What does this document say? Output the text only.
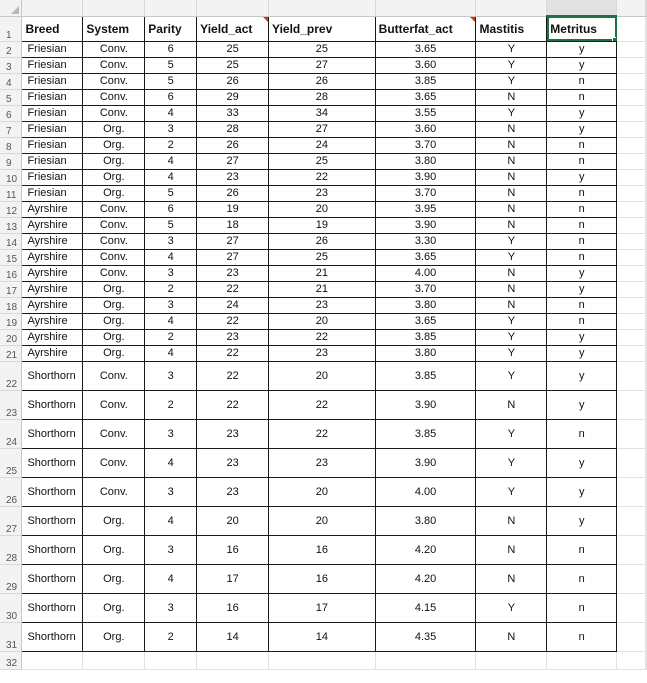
1	Breed	System	Parity	Yield_act	Yield_prev	Butterfat_act	Mastitis	Metritus

2	Friesian	Conv.	6	25	25	3.65	Y	y		
3	Friesian	Conv.	5	25	27	3.60	Y	y		
4	Friesian	Conv.	5	26	26	3.85	Y	n		
5	Friesian	Conv.	6	29	28	3.65	N	n		
6	Friesian	Conv.	4	33	34	3.55	Y	y		
7	Friesian	Org.	3	28	27	3.60	N	y		
8	Friesian	Org.	2	26	24	3.70	N	n		
9	Friesian	Org.	4	27	25	3.80	N	n		
10	Friesian	Org.	4	23	22	3.90	N	y		
11	Friesian	Org.	5	26	23	3.70	N	n		
12	Ayrshire	Conv.	6	19	20	3.95	N	n		
13	Ayrshire	Conv.	5	18	19	3.90	N	n		
14	Ayrshire	Conv.	3	27	26	3.30	Y	n		
15	Ayrshire	Conv.	4	27	25	3.65	Y	n		
16	Ayrshire	Conv.	3	23	21	4.00	N	y		
17	Ayrshire	Org.	2	22	21	3.70	N	y		
18	Ayrshire	Org.	3	24	23	3.80	N	n		
19	Ayrshire	Org.	4	22	20	3.65	Y	n		
20	Ayrshire	Org.	2	23	22	3.85	Y	y		
21	Ayrshire	Org.	4	22	23	3.80	Y	y		
22	Shorthorn	Conv.	3	22	20	3.85	Y	y		
23	Shorthorn	Conv.	2	22	22	3.90	N	y		
24	Shorthorn	Conv.	3	23	22	3.85	Y	n		
25	Shorthorn	Conv.	4	23	23	3.90	Y	y		
26	Shorthorn	Conv.	3	23	20	4.00	Y	y		
27	Shorthorn	Org.	4	20	20	3.80	N	y		
28	Shorthorn	Org.	3	16	16	4.20	N	n		
29	Shorthorn	Org.	4	17	16	4.20	N	n		
30	Shorthorn	Org.	3	16	17	4.15	Y	n		
31	Shorthorn	Org.	2	14	14	4.35	N	n		
32										
